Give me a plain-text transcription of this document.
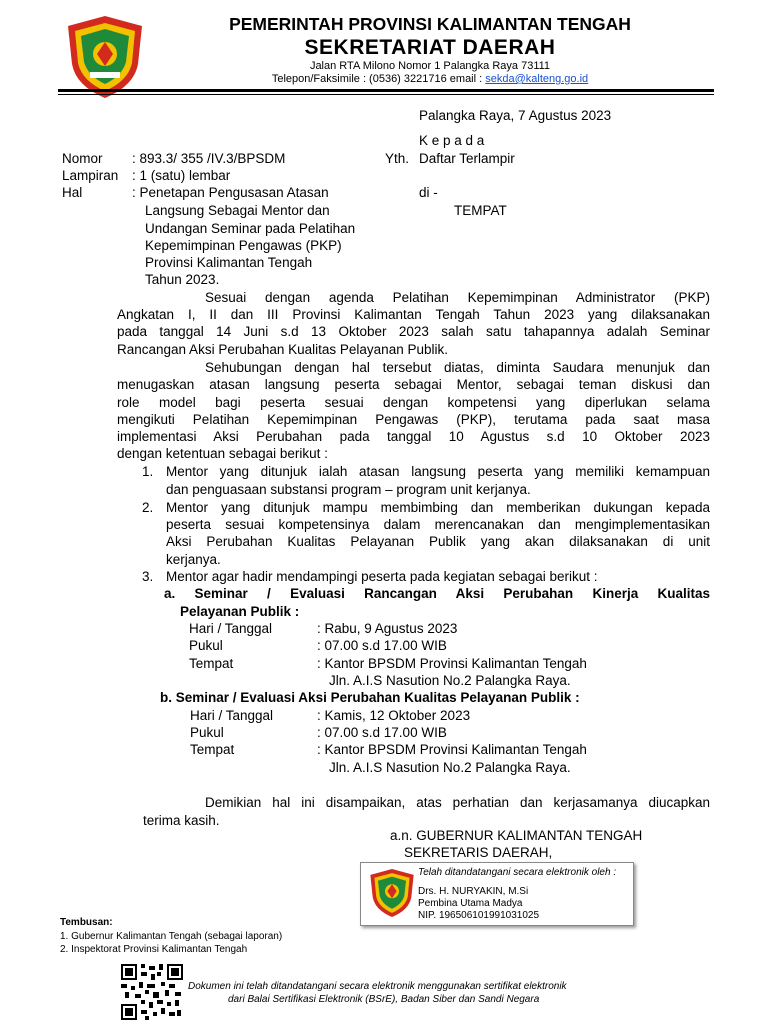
PEMERINTAH PROVINSI KALIMANTAN TENGAH
SEKRETARIAT DAERAH
Jalan RTA Milono Nomor 1 Palangka Raya 73111
Telepon/Faksimile : (0536) 3221716 email : sekda@kalteng.go.id
Palangka Raya, 7 Agustus 2023
K e p a d a
Yth. Daftar Terlampir
di -
TEMPAT
Nomor : 893.3/ 355 /IV.3/BPSDM
Lampiran : 1 (satu) lembar
Hal	: Penetapan Pengusasan Atasan
Langsung Sebagai Mentor dan
Undangan Seminar pada Pelatihan
Kepemimpinan Pengawas (PKP)
Provinsi Kalimantan Tengah
Tahun 2023.
Sesuai dengan agenda Pelatihan Kepemimpinan Administrator (PKP)
Angkatan I, II dan III Provinsi Kalimantan Tengah Tahun 2023 yang dilaksanakan
pada tanggal 14 Juni s.d 13 Oktober 2023 salah satu tahapannya adalah Seminar
Rancangan Aksi Perubahan Kualitas Pelayanan Publik.
Sehubungan dengan hal tersebut diatas, diminta Saudara menunjuk dan
menugaskan atasan langsung peserta sebagai Mentor, sebagai teman diskusi dan
role model bagi peserta sesuai dengan kompetensi yang diperlukan selama
mengikuti Pelatihan Kepemimpinan Pengawas (PKP), terutama pada saat masa
implementasi Aksi Perubahan pada tanggal 10 Agustus s.d 10 Oktober 2023
dengan ketentuan sebagai berikut :
1. Mentor yang ditunjuk ialah atasan langsung peserta yang memiliki kemampuan
dan penguasaan substansi program – program unit kerjanya.
2. Mentor yang ditunjuk mampu membimbing dan memberikan dukungan kepada
peserta sesuai kompetensinya dalam merencanakan dan mengimplementasikan
Aksi Perubahan Kualitas Pelayanan Publik yang akan dilaksanakan di unit
kerjanya.
3. Mentor agar hadir mendampingi peserta pada kegiatan sebagai berikut :
a. Seminar / Evaluasi Rancangan Aksi Perubahan Kinerja Kualitas
Pelayanan Publik :
Hari / Tanggal	: Rabu, 9 Agustus 2023
Pukul	: 07.00 s.d 17.00 WIB
Tempat	: Kantor BPSDM Provinsi Kalimantan Tengah
Jln. A.I.S Nasution No.2 Palangka Raya.
b. Seminar / Evaluasi Aksi Perubahan Kualitas Pelayanan Publik :
Hari / Tanggal	: Kamis, 12 Oktober 2023
Pukul	: 07.00 s.d 17.00 WIB
Tempat	: Kantor BPSDM Provinsi Kalimantan Tengah
Jln. A.I.S Nasution No.2 Palangka Raya.
Demikian hal ini disampaikan, atas perhatian dan kerjasamanya diucapkan
terima kasih.
a.n. GUBERNUR KALIMANTAN TENGAH
SEKRETARIS DAERAH,
Telah ditandatangani secara elektronik oleh :
Drs. H. NURYAKIN, M.Si
Pembina Utama Madya
NIP. 196506101991031025
Tembusan:
1. Gubernur Kalimantan Tengah (sebagai laporan)
2. Inspektorat Provinsi Kalimantan Tengah
Dokumen ini telah ditandatangani secara elektronik menggunakan sertifikat elektronik
dari Balai Sertifikasi Elektronik (BSrE), Badan Siber dan Sandi Negara
